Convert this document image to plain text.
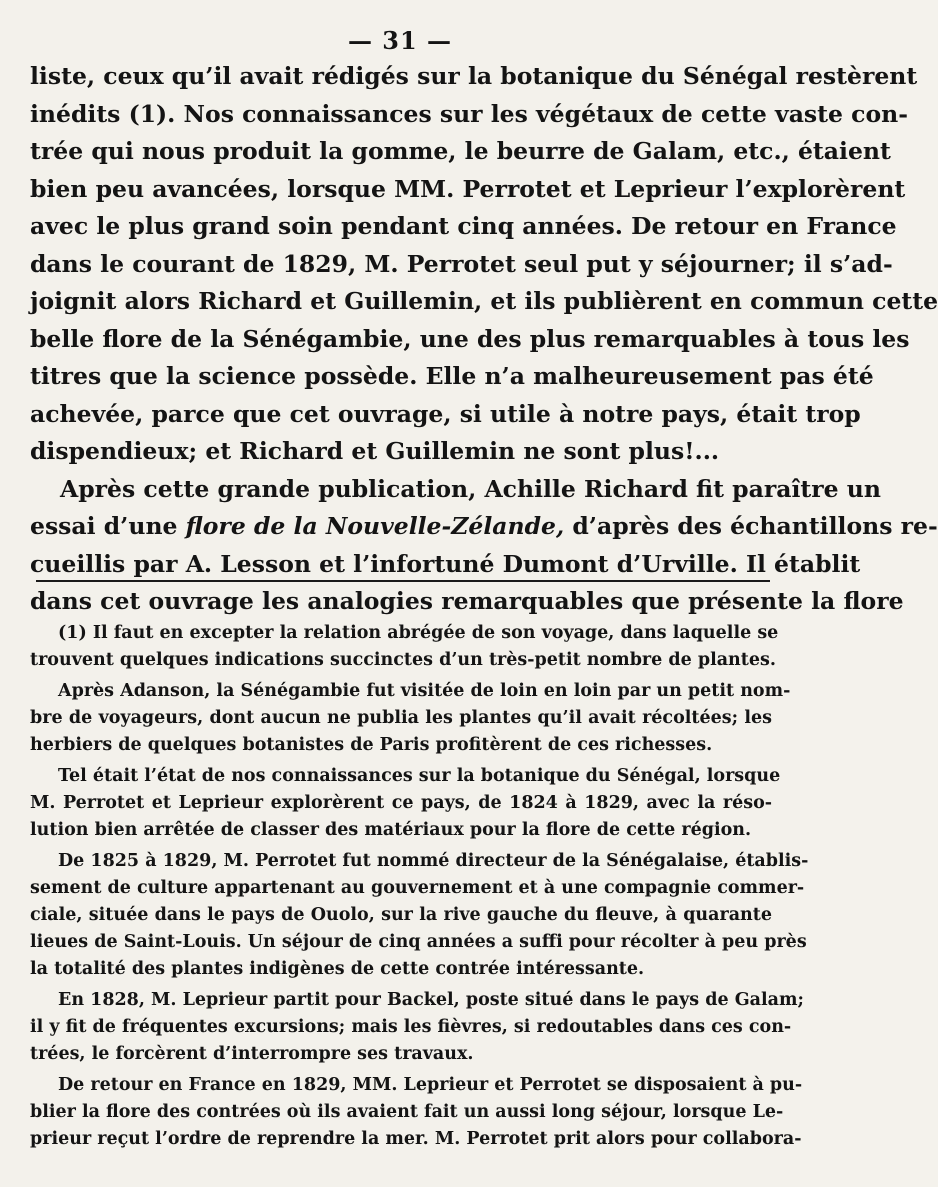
— 31 —
liste, ceux qu’il avait rédigés sur la botanique du Sénégal restèrent
inédits (1). Nos connaissances sur les végétaux de cette vaste con-
trée qui nous produit la gomme, le beurre de Galam, etc., étaient
bien peu avancées, lorsque MM. Perrotet et Leprieur l’explorèrent
avec le plus grand soin pendant cinq années. De retour en France
dans le courant de 1829, M. Perrotet seul put y séjourner; il s’ad-
joignit alors Richard et Guillemin, et ils publièrent en commun cette
belle flore de la Sénégambie, une des plus remarquables à tous les
titres que la science possède. Elle n’a malheureusement pas été
achevée, parce que cet ouvrage, si utile à notre pays, était trop
dispendieux; et Richard et Guillemin ne sont plus!...
Après cette grande publication, Achille Richard fit paraître un
essai d’une flore de la Nouvelle-Zélande, d’après des échantillons re-
cueillis par A. Lesson et l’infortuné Dumont d’Urville. Il établit
dans cet ouvrage les analogies remarquables que présente la flore
(1) Il faut en excepter la relation abrégée de son voyage, dans laquelle se
trouvent quelques indications succinctes d’un très-petit nombre de plantes.
Après Adanson, la Sénégambie fut visitée de loin en loin par un petit nom-
bre de voyageurs, dont aucun ne publia les plantes qu’il avait récoltées; les
herbiers de quelques botanistes de Paris profitèrent de ces richesses.
Tel était l’état de nos connaissances sur la botanique du Sénégal, lorsque
M. Perrotet et Leprieur explorèrent ce pays, de 1824 à 1829, avec la réso-
lution bien arrêtée de classer des matériaux pour la flore de cette région.
De 1825 à 1829, M. Perrotet fut nommé directeur de la Sénégalaise, établis-
sement de culture appartenant au gouvernement et à une compagnie commer-
ciale, située dans le pays de Ouolo, sur la rive gauche du fleuve, à quarante
lieues de Saint-Louis. Un séjour de cinq années a suffi pour récolter à peu près
la totalité des plantes indigènes de cette contrée intéressante.
En 1828, M. Leprieur partit pour Backel, poste situé dans le pays de Galam;
il y fit de fréquentes excursions; mais les fièvres, si redoutables dans ces con-
trées, le forcèrent d’interrompre ses travaux.
De retour en France en 1829, MM. Leprieur et Perrotet se disposaient à pu-
blier la flore des contrées où ils avaient fait un aussi long séjour, lorsque Le-
prieur reçut l’ordre de reprendre la mer. M. Perrotet prit alors pour collabora-
